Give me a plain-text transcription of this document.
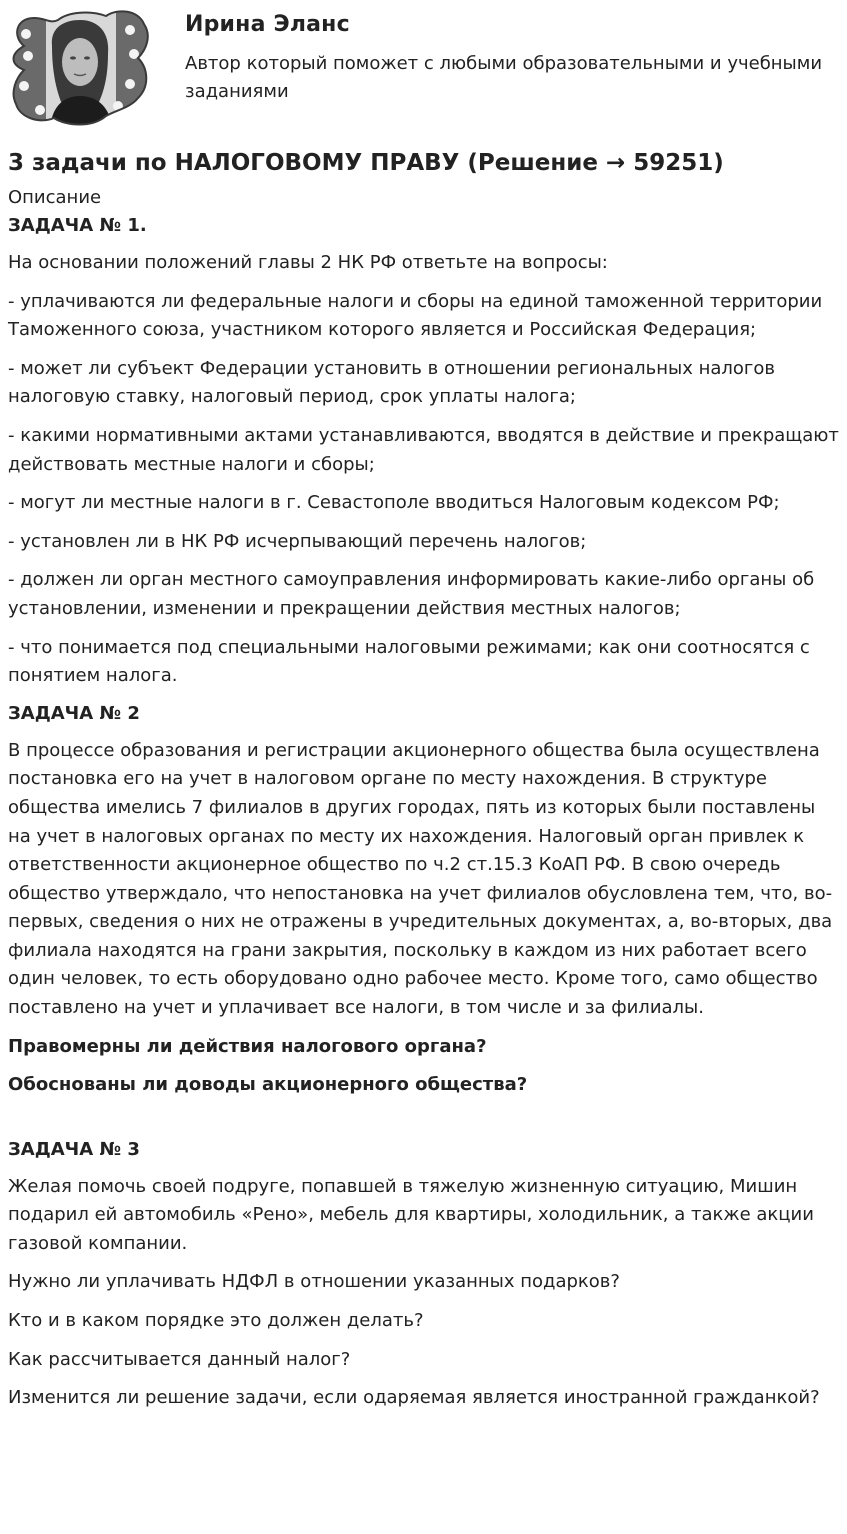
Ирина Эланс
Автор который поможет с любыми образовательными и учебными заданиями
3 задачи по НАЛОГОВОМУ ПРАВУ (Решение → 59251)
Описание
ЗАДАЧА № 1.

На основании положений главы 2 НК РФ ответьте на вопросы:

- уплачиваются ли федеральные налоги и сборы на единой таможенной территории Таможенного союза, участником которого является и Российская Федерация;

- может ли субъект Федерации установить в отношении региональных налогов налоговую ставку, налоговый период, срок уплаты налога;

- какими нормативными актами устанавливаются, вводятся в действие и прекращают действовать местные налоги и сборы;

- могут ли местные налоги в г. Севастополе вводиться Налоговым кодексом РФ;

- установлен ли в НК РФ исчерпывающий перечень налогов;

- должен ли орган местного самоуправления информировать какие-либо органы об установлении, изменении и прекращении действия местных налогов;

- что понимается под специальными налоговыми режимами; как они соотносятся с понятием налога.

ЗАДАЧА № 2

В процессе образования и регистрации акционерного общества была осуществлена постановка его на учет в налоговом органе по месту нахождения. В структуре общества имелись 7 филиалов в других городах, пять из которых были поставлены на учет в налоговых органах по месту их нахождения. Налоговый орган привлек к ответственности акционерное общество по ч.2 ст.15.3 КоАП РФ. В свою очередь общество утверждало, что непостановка на учет филиалов обусловлена тем, что, во-первых, сведения о них не отражены в учредительных документах, а, во-вторых, два филиала находятся на грани закрытия, поскольку в каждом из них работает всего один человек, то есть оборудовано одно рабочее место. Кроме того, само общество поставлено на учет и уплачивает все налоги, в том числе и за филиалы.

Правомерны ли действия налогового органа?

Обоснованы ли доводы акционерного общества?

ЗАДАЧА № 3

Желая помочь своей подруге, попавшей в тяжелую жизненную ситуацию, Мишин подарил ей автомобиль «Рено», мебель для квартиры, холодильник, а также акции газовой компании.

Нужно ли уплачивать НДФЛ в отношении указанных подарков?

Кто и в каком порядке это должен делать?

Как рассчитывается данный налог?

Изменится ли решение задачи, если одаряемая является иностранной гражданкой?
